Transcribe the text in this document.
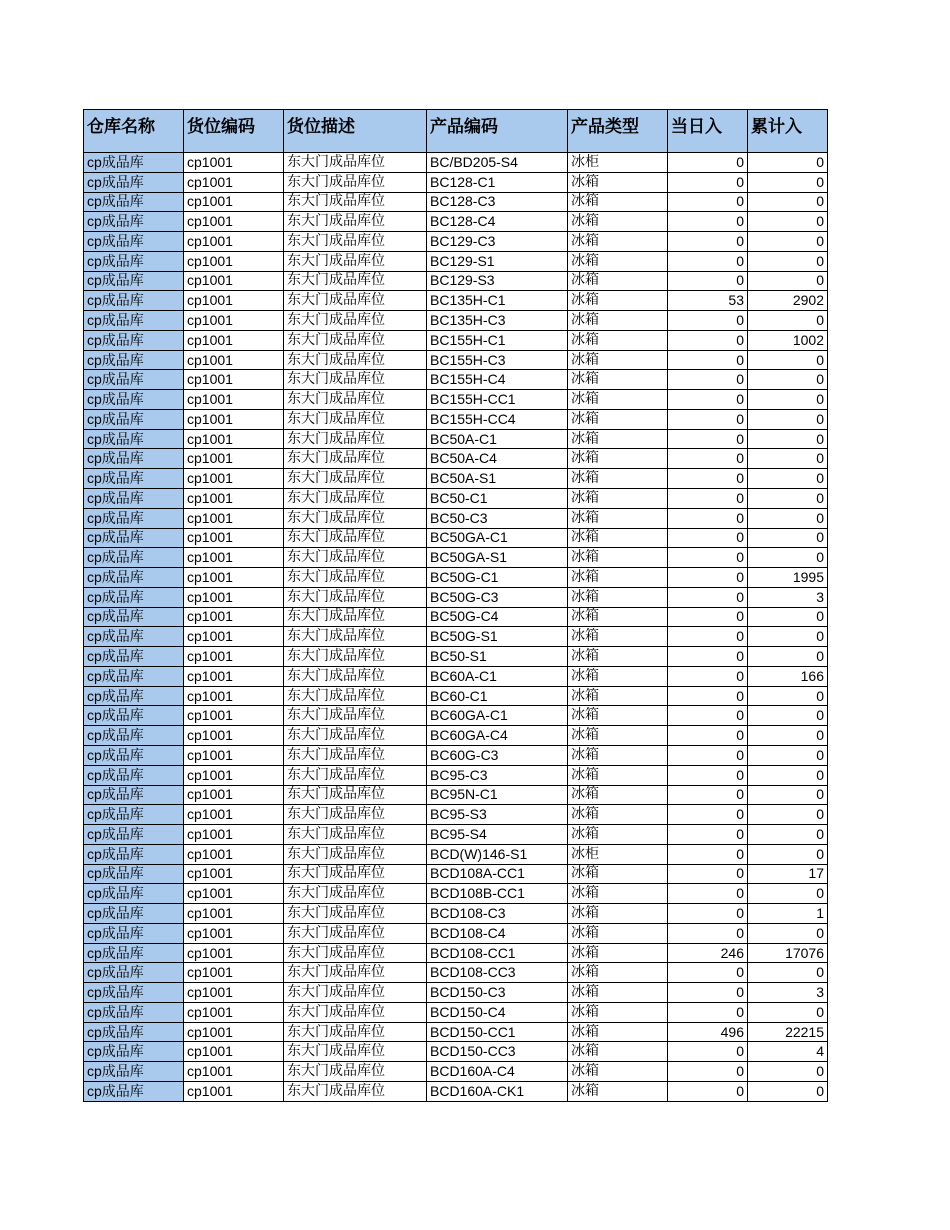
仓库名称	货位编码	货位描述	产品编码	产品类型	当日入	累计入
cp成品库	cp1001	东大门成品库位	BC/BD205-S4	冰柜	0	0
cp成品库	cp1001	东大门成品库位	BC128-C1	冰箱	0	0
cp成品库	cp1001	东大门成品库位	BC128-C3	冰箱	0	0
cp成品库	cp1001	东大门成品库位	BC128-C4	冰箱	0	0
cp成品库	cp1001	东大门成品库位	BC129-C3	冰箱	0	0
cp成品库	cp1001	东大门成品库位	BC129-S1	冰箱	0	0
cp成品库	cp1001	东大门成品库位	BC129-S3	冰箱	0	0
cp成品库	cp1001	东大门成品库位	BC135H-C1	冰箱	53	2902
cp成品库	cp1001	东大门成品库位	BC135H-C3	冰箱	0	0
cp成品库	cp1001	东大门成品库位	BC155H-C1	冰箱	0	1002
cp成品库	cp1001	东大门成品库位	BC155H-C3	冰箱	0	0
cp成品库	cp1001	东大门成品库位	BC155H-C4	冰箱	0	0
cp成品库	cp1001	东大门成品库位	BC155H-CC1	冰箱	0	0
cp成品库	cp1001	东大门成品库位	BC155H-CC4	冰箱	0	0
cp成品库	cp1001	东大门成品库位	BC50A-C1	冰箱	0	0
cp成品库	cp1001	东大门成品库位	BC50A-C4	冰箱	0	0
cp成品库	cp1001	东大门成品库位	BC50A-S1	冰箱	0	0
cp成品库	cp1001	东大门成品库位	BC50-C1	冰箱	0	0
cp成品库	cp1001	东大门成品库位	BC50-C3	冰箱	0	0
cp成品库	cp1001	东大门成品库位	BC50GA-C1	冰箱	0	0
cp成品库	cp1001	东大门成品库位	BC50GA-S1	冰箱	0	0
cp成品库	cp1001	东大门成品库位	BC50G-C1	冰箱	0	1995
cp成品库	cp1001	东大门成品库位	BC50G-C3	冰箱	0	3
cp成品库	cp1001	东大门成品库位	BC50G-C4	冰箱	0	0
cp成品库	cp1001	东大门成品库位	BC50G-S1	冰箱	0	0
cp成品库	cp1001	东大门成品库位	BC50-S1	冰箱	0	0
cp成品库	cp1001	东大门成品库位	BC60A-C1	冰箱	0	166
cp成品库	cp1001	东大门成品库位	BC60-C1	冰箱	0	0
cp成品库	cp1001	东大门成品库位	BC60GA-C1	冰箱	0	0
cp成品库	cp1001	东大门成品库位	BC60GA-C4	冰箱	0	0
cp成品库	cp1001	东大门成品库位	BC60G-C3	冰箱	0	0
cp成品库	cp1001	东大门成品库位	BC95-C3	冰箱	0	0
cp成品库	cp1001	东大门成品库位	BC95N-C1	冰箱	0	0
cp成品库	cp1001	东大门成品库位	BC95-S3	冰箱	0	0
cp成品库	cp1001	东大门成品库位	BC95-S4	冰箱	0	0
cp成品库	cp1001	东大门成品库位	BCD(W)146-S1	冰柜	0	0
cp成品库	cp1001	东大门成品库位	BCD108A-CC1	冰箱	0	17
cp成品库	cp1001	东大门成品库位	BCD108B-CC1	冰箱	0	0
cp成品库	cp1001	东大门成品库位	BCD108-C3	冰箱	0	1
cp成品库	cp1001	东大门成品库位	BCD108-C4	冰箱	0	0
cp成品库	cp1001	东大门成品库位	BCD108-CC1	冰箱	246	17076
cp成品库	cp1001	东大门成品库位	BCD108-CC3	冰箱	0	0
cp成品库	cp1001	东大门成品库位	BCD150-C3	冰箱	0	3
cp成品库	cp1001	东大门成品库位	BCD150-C4	冰箱	0	0
cp成品库	cp1001	东大门成品库位	BCD150-CC1	冰箱	496	22215
cp成品库	cp1001	东大门成品库位	BCD150-CC3	冰箱	0	4
cp成品库	cp1001	东大门成品库位	BCD160A-C4	冰箱	0	0
cp成品库	cp1001	东大门成品库位	BCD160A-CK1	冰箱	0	0
